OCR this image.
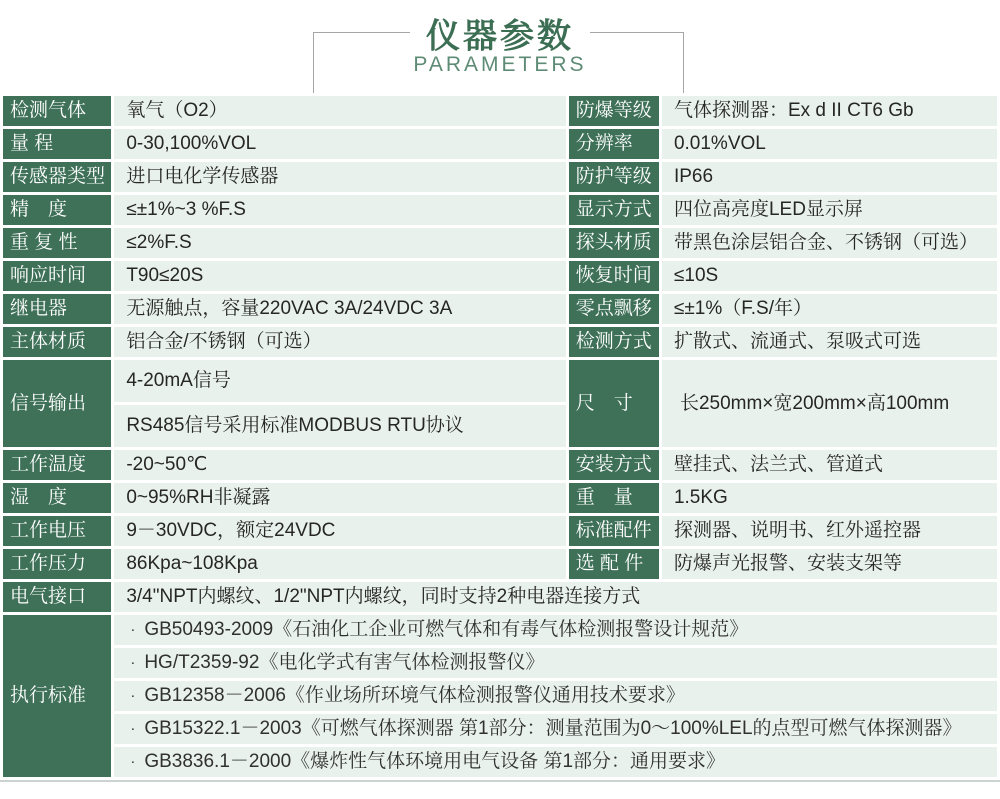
仪器参数
PARAMETERS
检测气体	氧气（O2）	防爆等级	气体探测器：Ex d II CT6 Gb
量 程	0-30,100%VOL	分辨率	0.01%VOL
传感器类型	进口电化学传感器	防护等级	IP66
精　度	≤±1%~3 %F.S	显示方式	四位高亮度LED显示屏
重 复 性	≤2%F.S	探头材质	带黑色涂层铝合金、不锈钢（可选）
响应时间	T90≤20S	恢复时间	≤10S
继电器	无源触点，容量220VAC 3A/24VDC 3A	零点飘移	≤±1%（F.S/年）
主体材质	铝合金/不锈钢（可选）	检测方式	扩散式、流通式、泵吸式可选
信号输出	4-20mA信号	尺　寸	长250mm×宽200mm×高100mm
	RS485信号采用标准MODBUS RTU协议		
工作温度	-20~50℃	安装方式	壁挂式、法兰式、管道式
湿　度	0~95%RH非凝露	重　量	1.5KG
工作电压	9－30VDC，额定24VDC	标准配件	探测器、说明书、红外遥控器
工作压力	86Kpa~108Kpa	选 配 件	防爆声光报警、安装支架等
电气接口	3/4"NPT内螺纹、1/2"NPT内螺纹，同时支持2种电器连接方式		
执行标准	· GB50493-2009《石油化工企业可燃气体和有毒气体检测报警设计规范》		
	· HG/T2359-92《电化学式有害气体检测报警仪》		
	· GB12358－2006《作业场所环境气体检测报警仪通用技术要求》		
	· GB15322.1－2003《可燃气体探测器 第1部分：测量范围为0～100%LEL的点型可燃气体探测器》		
	· GB3836.1－2000《爆炸性气体环境用电气设备 第1部分：通用要求》		
